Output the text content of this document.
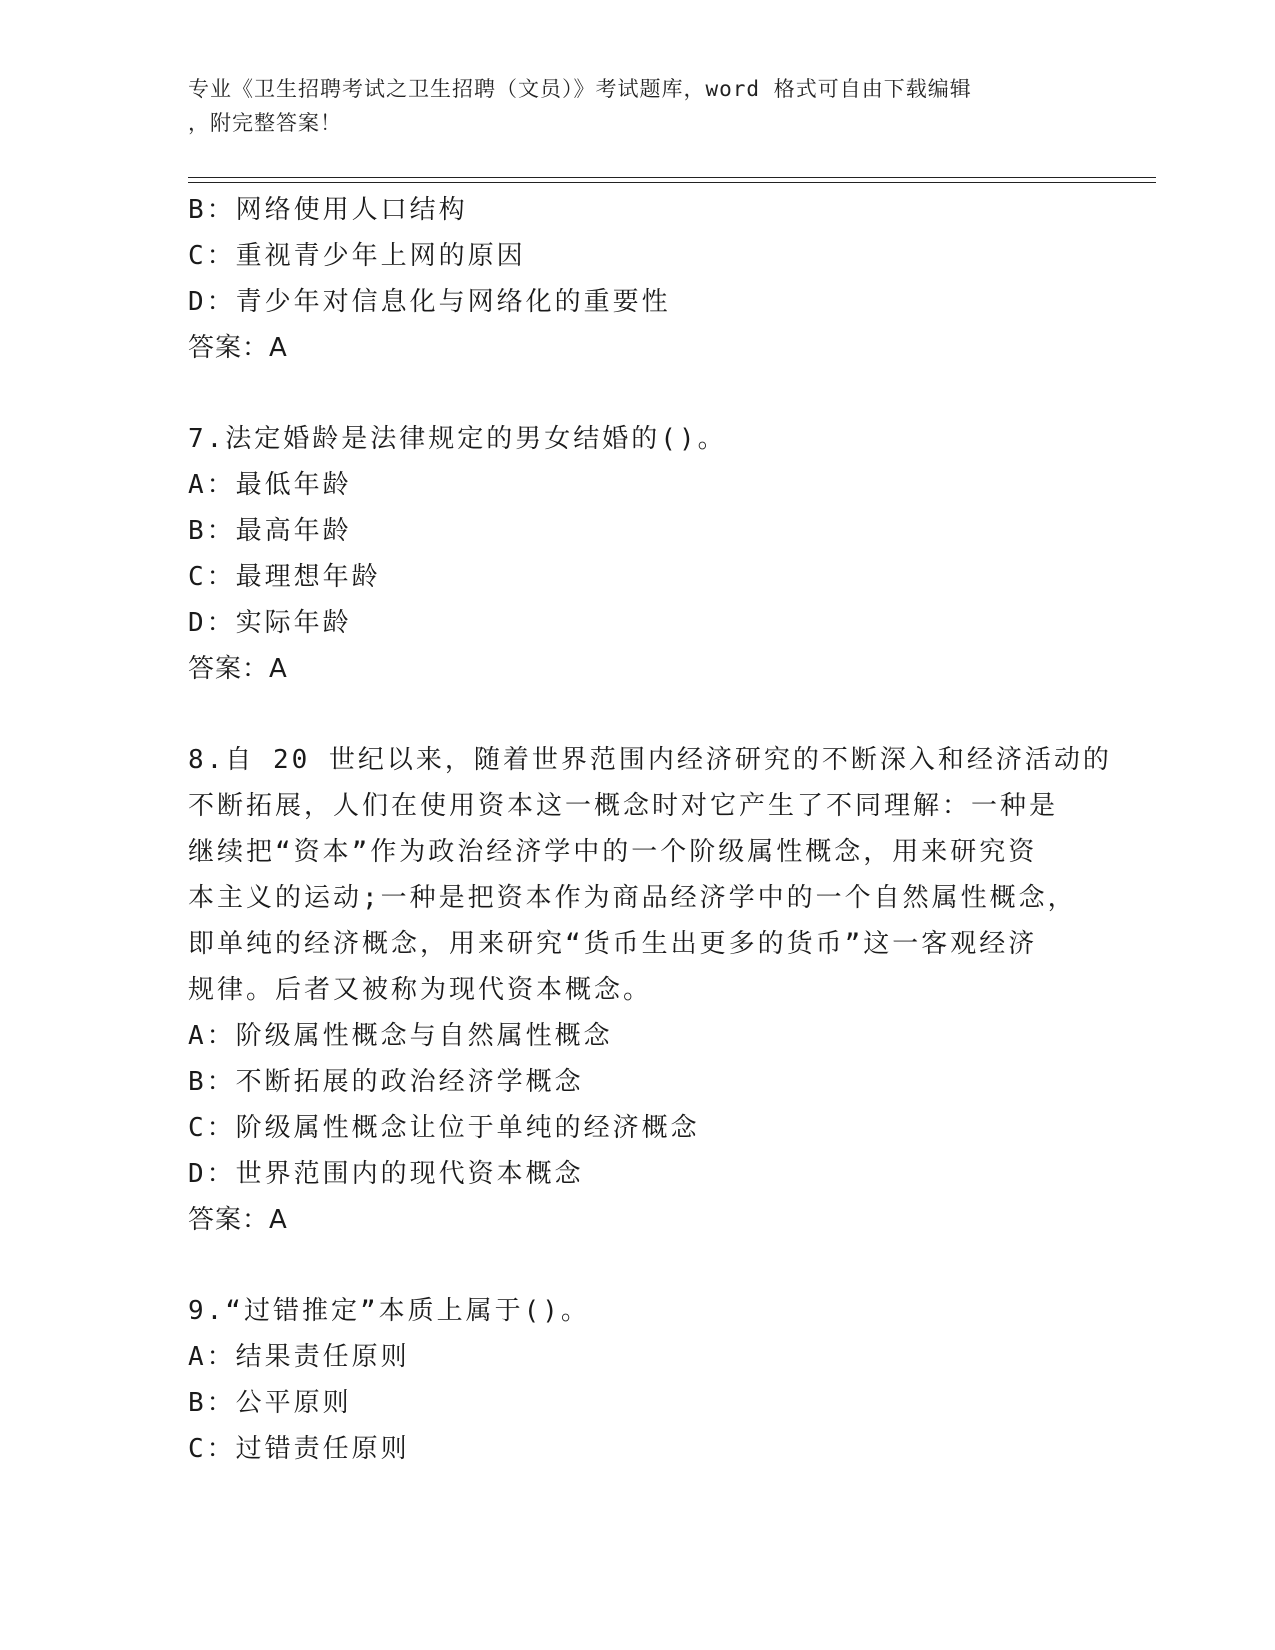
专业《卫生招聘考试之卫生招聘（文员）》考试题库，word 格式可自由下载编辑
，附完整答案！
B：网络使用人口结构
C：重视青少年上网的原因
D：青少年对信息化与网络化的重要性
答案：A
7.法定婚龄是法律规定的男女结婚的()。
A：最低年龄
B：最高年龄
C：最理想年龄
D：实际年龄
答案：A
8.自 20 世纪以来，随着世界范围内经济研究的不断深入和经济活动的
不断拓展，人们在使用资本这一概念时对它产生了不同理解：一种是
继续把“资本”作为政治经济学中的一个阶级属性概念，用来研究资
本主义的运动;一种是把资本作为商品经济学中的一个自然属性概念，
即单纯的经济概念，用来研究“货币生出更多的货币”这一客观经济
规律。后者又被称为现代资本概念。
A：阶级属性概念与自然属性概念
B：不断拓展的政治经济学概念
C：阶级属性概念让位于单纯的经济概念
D：世界范围内的现代资本概念
答案：A
9.“过错推定”本质上属于()。
A：结果责任原则
B：公平原则
C：过错责任原则
